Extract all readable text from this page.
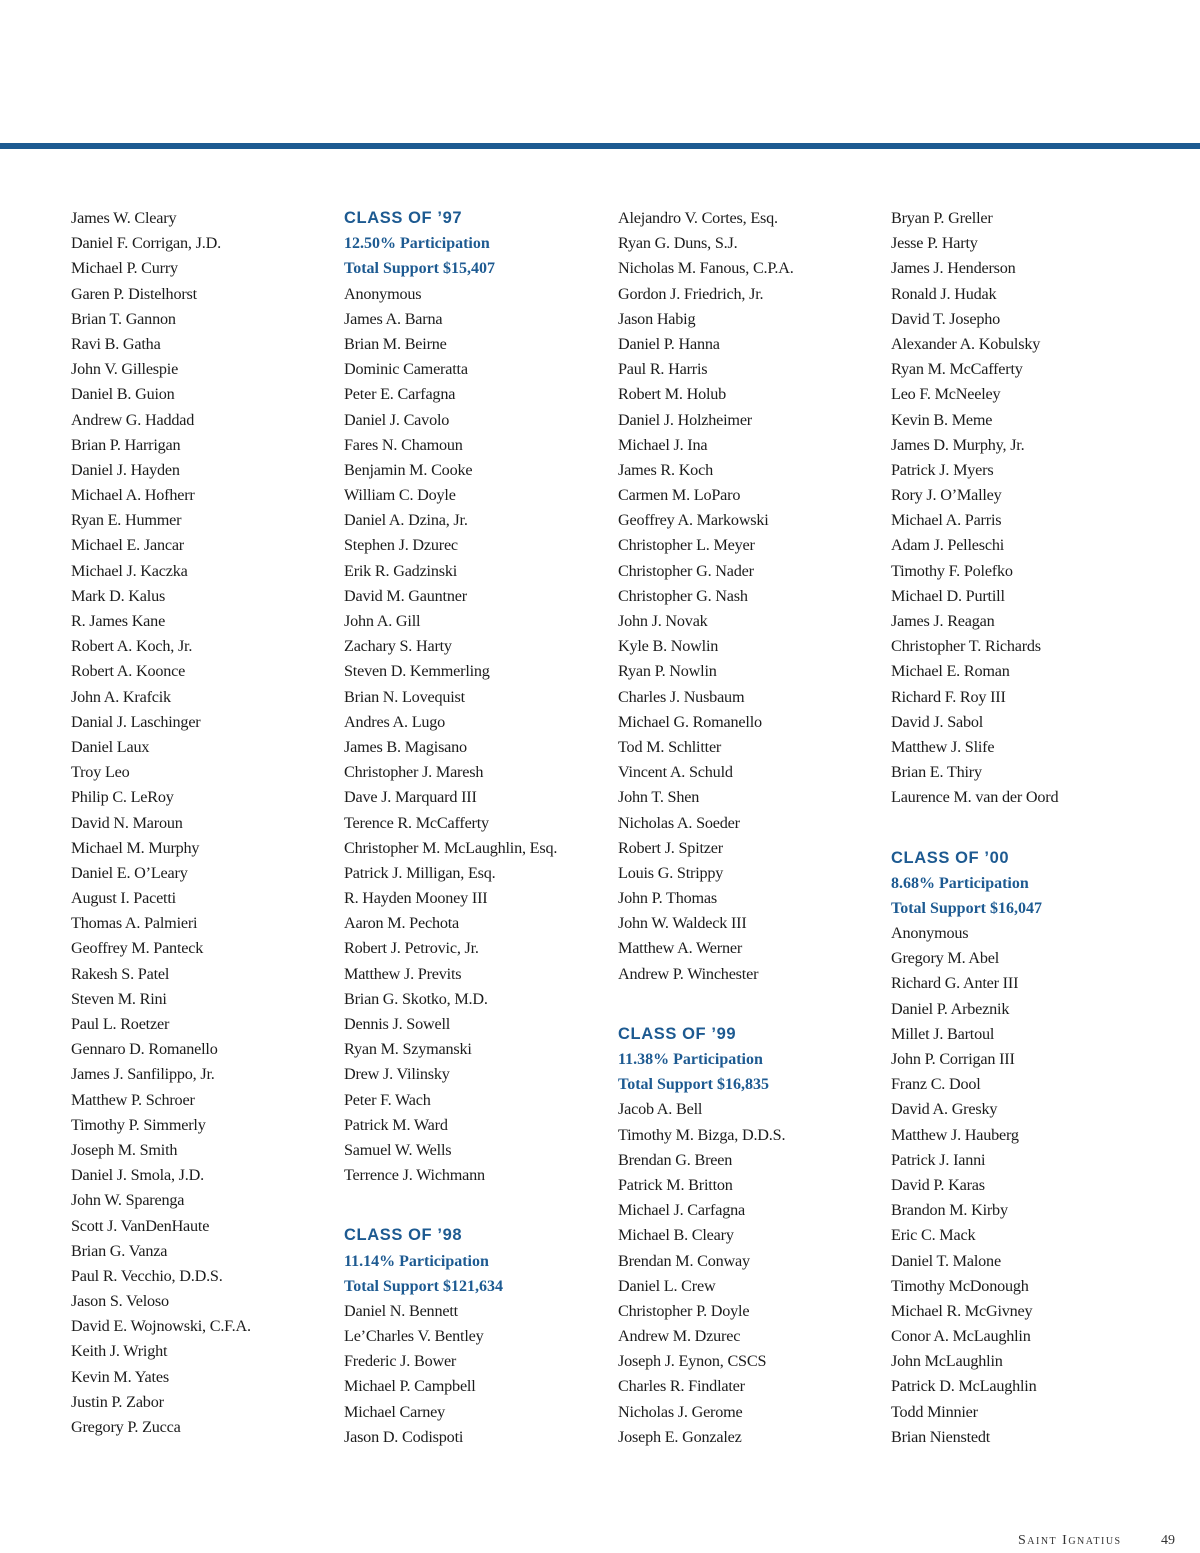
James W. Cleary
Daniel F. Corrigan, J.D.
Michael P. Curry
Garen P. Distelhorst
Brian T. Gannon
Ravi B. Gatha
John V. Gillespie
Daniel B. Guion
Andrew G. Haddad
Brian P. Harrigan
Daniel J. Hayden
Michael A. Hofherr
Ryan E. Hummer
Michael E. Jancar
Michael J. Kaczka
Mark D. Kalus
R. James Kane
Robert A. Koch, Jr.
Robert A. Koonce
John A. Krafcik
Danial J. Laschinger
Daniel Laux
Troy Leo
Philip C. LeRoy
David N. Maroun
Michael M. Murphy
Daniel E. O’Leary
August I. Pacetti
Thomas A. Palmieri
Geoffrey M. Panteck
Rakesh S. Patel
Steven M. Rini
Paul L. Roetzer
Gennaro D. Romanello
James J. Sanfilippo, Jr.
Matthew P. Schroer
Timothy P. Simmerly
Joseph M. Smith
Daniel J. Smola, J.D.
John W. Sparenga
Scott J. VanDenHaute
Brian G. Vanza
Paul R. Vecchio, D.D.S.
Jason S. Veloso
David E. Wojnowski, C.F.A.
Keith J. Wright
Kevin M. Yates
Justin P. Zabor
Gregory P. Zucca
CLASS OF ’97
12.50% Participation
Total Support $15,407
Anonymous
James A. Barna
Brian M. Beirne
Dominic Cameratta
Peter E. Carfagna
Daniel J. Cavolo
Fares N. Chamoun
Benjamin M. Cooke
William C. Doyle
Daniel A. Dzina, Jr.
Stephen J. Dzurec
Erik R. Gadzinski
David M. Gauntner
John A. Gill
Zachary S. Harty
Steven D. Kemmerling
Brian N. Lovequist
Andres A. Lugo
James B. Magisano
Christopher J. Maresh
Dave J. Marquard III
Terence R. McCafferty
Christopher M. McLaughlin, Esq.
Patrick J. Milligan, Esq.
R. Hayden Mooney III
Aaron M. Pechota
Robert J. Petrovic, Jr.
Matthew J. Previts
Brian G. Skotko, M.D.
Dennis J. Sowell
Ryan M. Szymanski
Drew J. Vilinsky
Peter F. Wach
Patrick M. Ward
Samuel W. Wells
Terrence J. Wichmann
CLASS OF ’98
11.14% Participation
Total Support $121,634
Daniel N. Bennett
Le’Charles V. Bentley
Frederic J. Bower
Michael P. Campbell
Michael Carney
Jason D. Codispoti
Alejandro V. Cortes, Esq.
Ryan G. Duns, S.J.
Nicholas M. Fanous, C.P.A.
Gordon J. Friedrich, Jr.
Jason Habig
Daniel P. Hanna
Paul R. Harris
Robert M. Holub
Daniel J. Holzheimer
Michael J. Ina
James R. Koch
Carmen M. LoParo
Geoffrey A. Markowski
Christopher L. Meyer
Christopher G. Nader
Christopher G. Nash
John J. Novak
Kyle B. Nowlin
Ryan P. Nowlin
Charles J. Nusbaum
Michael G. Romanello
Tod M. Schlitter
Vincent A. Schuld
John T. Shen
Nicholas A. Soeder
Robert J. Spitzer
Louis G. Strippy
John P. Thomas
John W. Waldeck III
Matthew A. Werner
Andrew P. Winchester
CLASS OF ’99
11.38% Participation
Total Support $16,835
Jacob A. Bell
Timothy M. Bizga, D.D.S.
Brendan G. Breen
Patrick M. Britton
Michael J. Carfagna
Michael B. Cleary
Brendan M. Conway
Daniel L. Crew
Christopher P. Doyle
Andrew M. Dzurec
Joseph J. Eynon, CSCS
Charles R. Findlater
Nicholas J. Gerome
Joseph E. Gonzalez
Bryan P. Greller
Jesse P. Harty
James J. Henderson
Ronald J. Hudak
David T. Josepho
Alexander A. Kobulsky
Ryan M. McCafferty
Leo F. McNeeley
Kevin B. Meme
James D. Murphy, Jr.
Patrick J. Myers
Rory J. O’Malley
Michael A. Parris
Adam J. Pelleschi
Timothy F. Polefko
Michael D. Purtill
James J. Reagan
Christopher T. Richards
Michael E. Roman
Richard F. Roy III
David J. Sabol
Matthew J. Slife
Brian E. Thiry
Laurence M. van der Oord
CLASS OF ’00
8.68% Participation
Total Support $16,047
Anonymous
Gregory M. Abel
Richard G. Anter III
Daniel P. Arbeznik
Millet J. Bartoul
John P. Corrigan III
Franz C. Dool
David A. Gresky
Matthew J. Hauberg
Patrick J. Ianni
David P. Karas
Brandon M. Kirby
Eric C. Mack
Daniel T. Malone
Timothy McDonough
Michael R. McGivney
Conor A. McLaughlin
John McLaughlin
Patrick D. McLaughlin
Todd Minnier
Brian Nienstedt
Saint Ignatius	49
